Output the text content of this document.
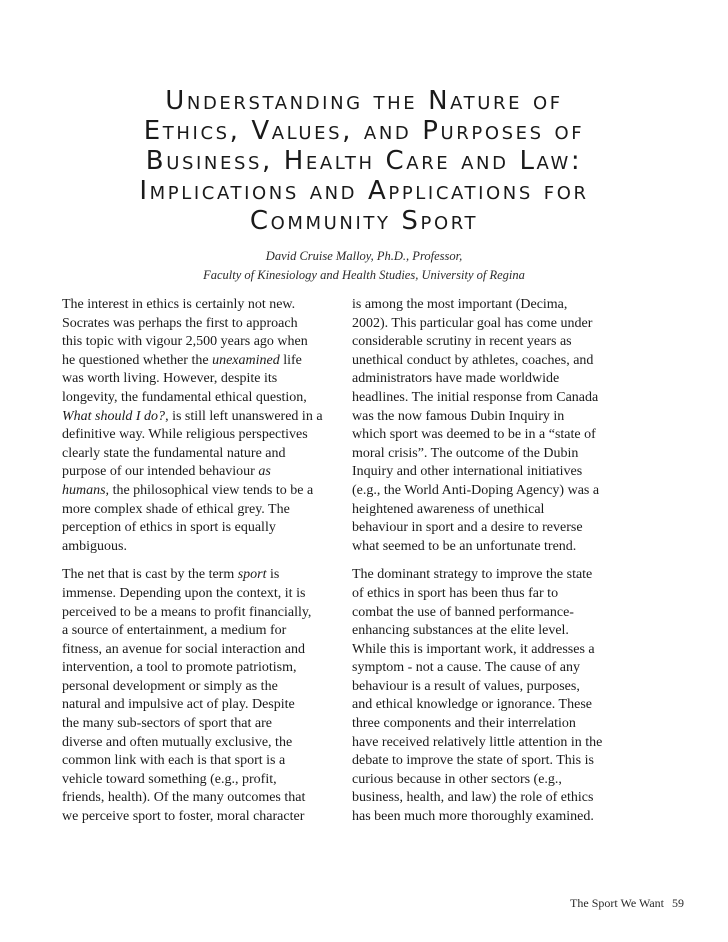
Understanding the Nature of
Ethics, Values, and Purposes of
Business, Health Care and Law:
Implications and Applications for
Community Sport
David Cruise Malloy, Ph.D., Professor,
Faculty of Kinesiology and Health Studies, University of Regina

The interest in ethics is certainly not new.
Socrates was perhaps the first to approach
this topic with vigour 2,500 years ago when
he questioned whether the unexamined life
was worth living. However, despite its
longevity, the fundamental ethical question,
What should I do?, is still left unanswered in a
definitive way. While religious perspectives
clearly state the fundamental nature and
purpose of our intended behaviour as
humans, the philosophical view tends to be a
more complex shade of ethical grey. The
perception of ethics in sport is equally
ambiguous.

The net that is cast by the term sport is
immense. Depending upon the context, it is
perceived to be a means to profit financially,
a source of entertainment, a medium for
fitness, an avenue for social interaction and
intervention, a tool to promote patriotism,
personal development or simply as the
natural and impulsive act of play. Despite
the many sub-sectors of sport that are
diverse and often mutually exclusive, the
common link with each is that sport is a
vehicle toward something (e.g., profit,
friends, health). Of the many outcomes that
we perceive sport to foster, moral character

is among the most important (Decima,
2002). This particular goal has come under
considerable scrutiny in recent years as
unethical conduct by athletes, coaches, and
administrators have made worldwide
headlines. The initial response from Canada
was the now famous Dubin Inquiry in
which sport was deemed to be in a “state of
moral crisis”. The outcome of the Dubin
Inquiry and other international initiatives
(e.g., the World Anti-Doping Agency) was a
heightened awareness of unethical
behaviour in sport and a desire to reverse
what seemed to be an unfortunate trend.

The dominant strategy to improve the state
of ethics in sport has been thus far to
combat the use of banned performance-
enhancing substances at the elite level.
While this is important work, it addresses a
symptom - not a cause. The cause of any
behaviour is a result of values, purposes,
and ethical knowledge or ignorance. These
three components and their interrelation
have received relatively little attention in the
debate to improve the state of sport. This is
curious because in other sectors (e.g.,
business, health, and law) the role of ethics
has been much more thoroughly examined.

The Sport We Want 59
